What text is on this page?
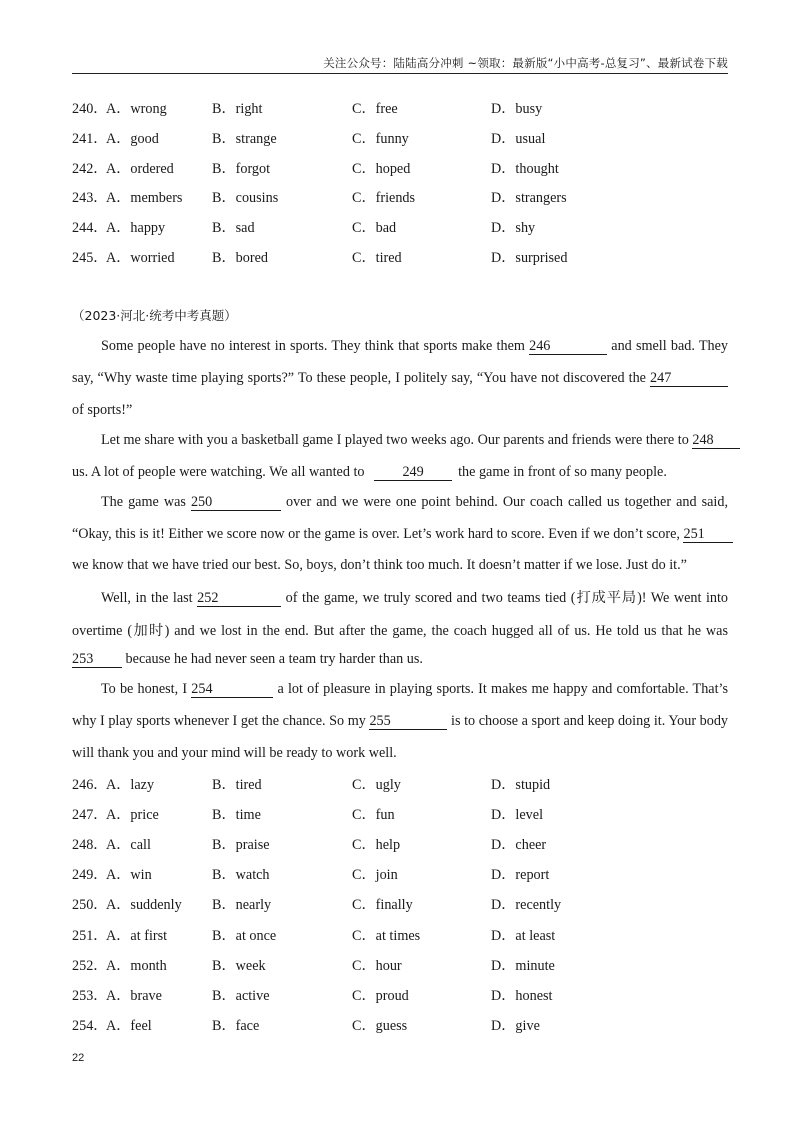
关注公众号：陆陆高分冲刺 ~领取：最新版“小中高考-总复习”、最新试卷下载
240．
A．wrong	B．right	C．free	D．busy
241．
A．good	B．strange	C．funny	D．usual
242．
A．ordered	B．forgot	C．hoped	D．thought
243．
A．members B．cousins	C．friends	D．strangers
244．
A．happy	B．sad	C．bad	D．shy
245．
A．worried	B．bored	C．tired	D．surprised
（2023·河北·统考中考真题）
Some people have no interest in sports. They think that sports make them 246	and smell bad. They
say, “Why waste time playing sports?” To these people, I politely say, “You have not discovered the 247
of sports!”
Let me share with you a basketball game I played two weeks ago. Our parents and friends were there to 248
us. A lot of people were watching. We all wanted to	249 the game in front of so many people.
The game was 250	over and we were one point behind. Our coach called us together and said,
“Okay, this is it! Either we score now or the game is over. Let’s work hard to score. Even if we don’t score, 251
we know that we have tried our best. So, boys, don’t think too much. It doesn’t matter if we lose. Just do it.”
Well, in the last 252	of the game, we truly scored and two teams tied (打成平局)! We went into
overtime (加时) and we lost in the end. But after the game, the coach hugged all of us. He told us that he was
253 because he had never seen a team try harder than us.
To be honest, I 254	a lot of pleasure in playing sports. It makes me happy and comfortable. That’s
why I play sports whenever I get the chance. So my 255	is to choose a sport and keep doing it. Your body
will thank you and your mind will be ready to work well.
246．
A．lazy	B．tired	C．ugly	D．stupid
247．
A．price	B．time	C．fun	D．level
248．
A．call	B．praise	C．help	D．cheer
249．
A．win	B．watch	C．join	D．report
250．
A．suddenly B．nearly	C．finally	D．recently
251．
A．at first	B．at once	C．at times	D．at least
252．
A．month	B．week	C．hour	D．minute
253．
A．brave	B．active	C．proud	D．honest
254．
A．feel	B．face	C．guess	D．give
22
